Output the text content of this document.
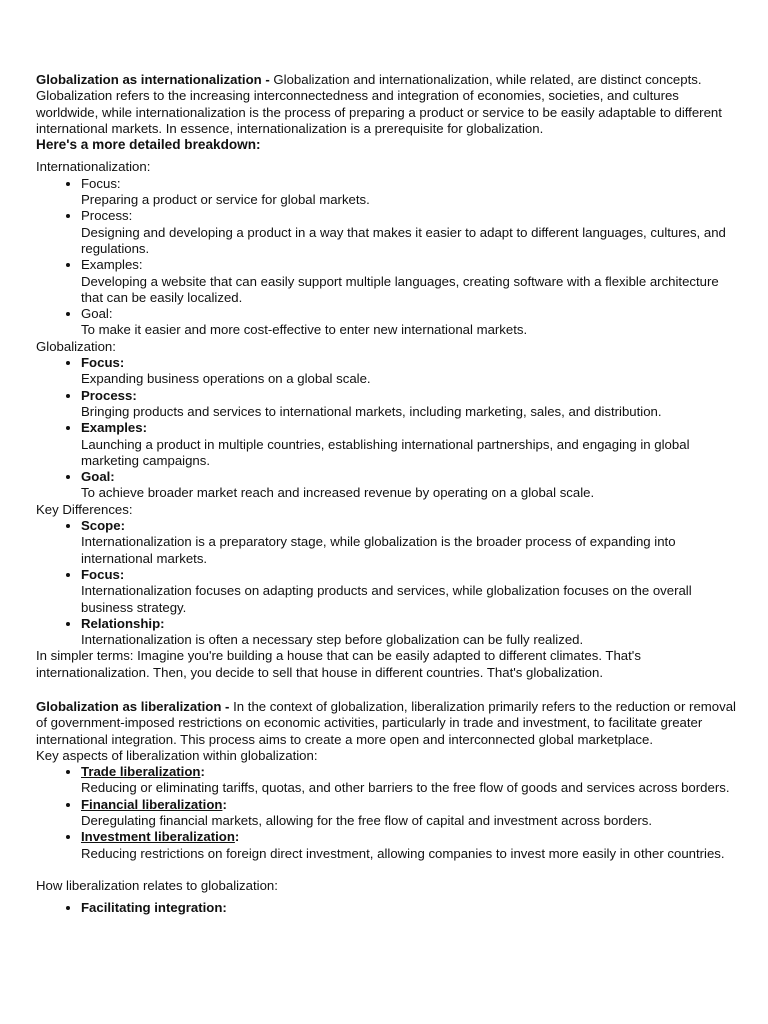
Globalization as internationalization - Globalization and internationalization, while related, are distinct concepts. Globalization refers to the increasing interconnectedness and integration of economies, societies, and cultures worldwide, while internationalization is the process of preparing a product or service to be easily adaptable to different international markets. In essence, internationalization is a prerequisite for globalization.

Here's a more detailed breakdown:

Internationalization:

• Focus:
Preparing a product or service for global markets.
• Process:
Designing and developing a product in a way that makes it easier to adapt to different languages, cultures, and regulations.
• Examples:
Developing a website that can easily support multiple languages, creating software with a flexible architecture that can be easily localized.
• Goal:
To make it easier and more cost-effective to enter new international markets.

Globalization:

• Focus:
Expanding business operations on a global scale.
• Process:
Bringing products and services to international markets, including marketing, sales, and distribution.
• Examples:
Launching a product in multiple countries, establishing international partnerships, and engaging in global marketing campaigns.
• Goal:
To achieve broader market reach and increased revenue by operating on a global scale.

Key Differences:

• Scope:
Internationalization is a preparatory stage, while globalization is the broader process of expanding into international markets.
• Focus:
Internationalization focuses on adapting products and services, while globalization focuses on the overall business strategy.
• Relationship:
Internationalization is often a necessary step before globalization can be fully realized.

In simpler terms: Imagine you're building a house that can be easily adapted to different climates. That's internationalization. Then, you decide to sell that house in different countries. That's globalization.

Globalization as liberalization - In the context of globalization, liberalization primarily refers to the reduction or removal of government-imposed restrictions on economic activities, particularly in trade and investment, to facilitate greater international integration. This process aims to create a more open and interconnected global marketplace.

Key aspects of liberalization within globalization:

• Trade liberalization:
Reducing or eliminating tariffs, quotas, and other barriers to the free flow of goods and services across borders.
• Financial liberalization:
Deregulating financial markets, allowing for the free flow of capital and investment across borders.
• Investment liberalization:
Reducing restrictions on foreign direct investment, allowing companies to invest more easily in other countries.

How liberalization relates to globalization:

• Facilitating integration:
